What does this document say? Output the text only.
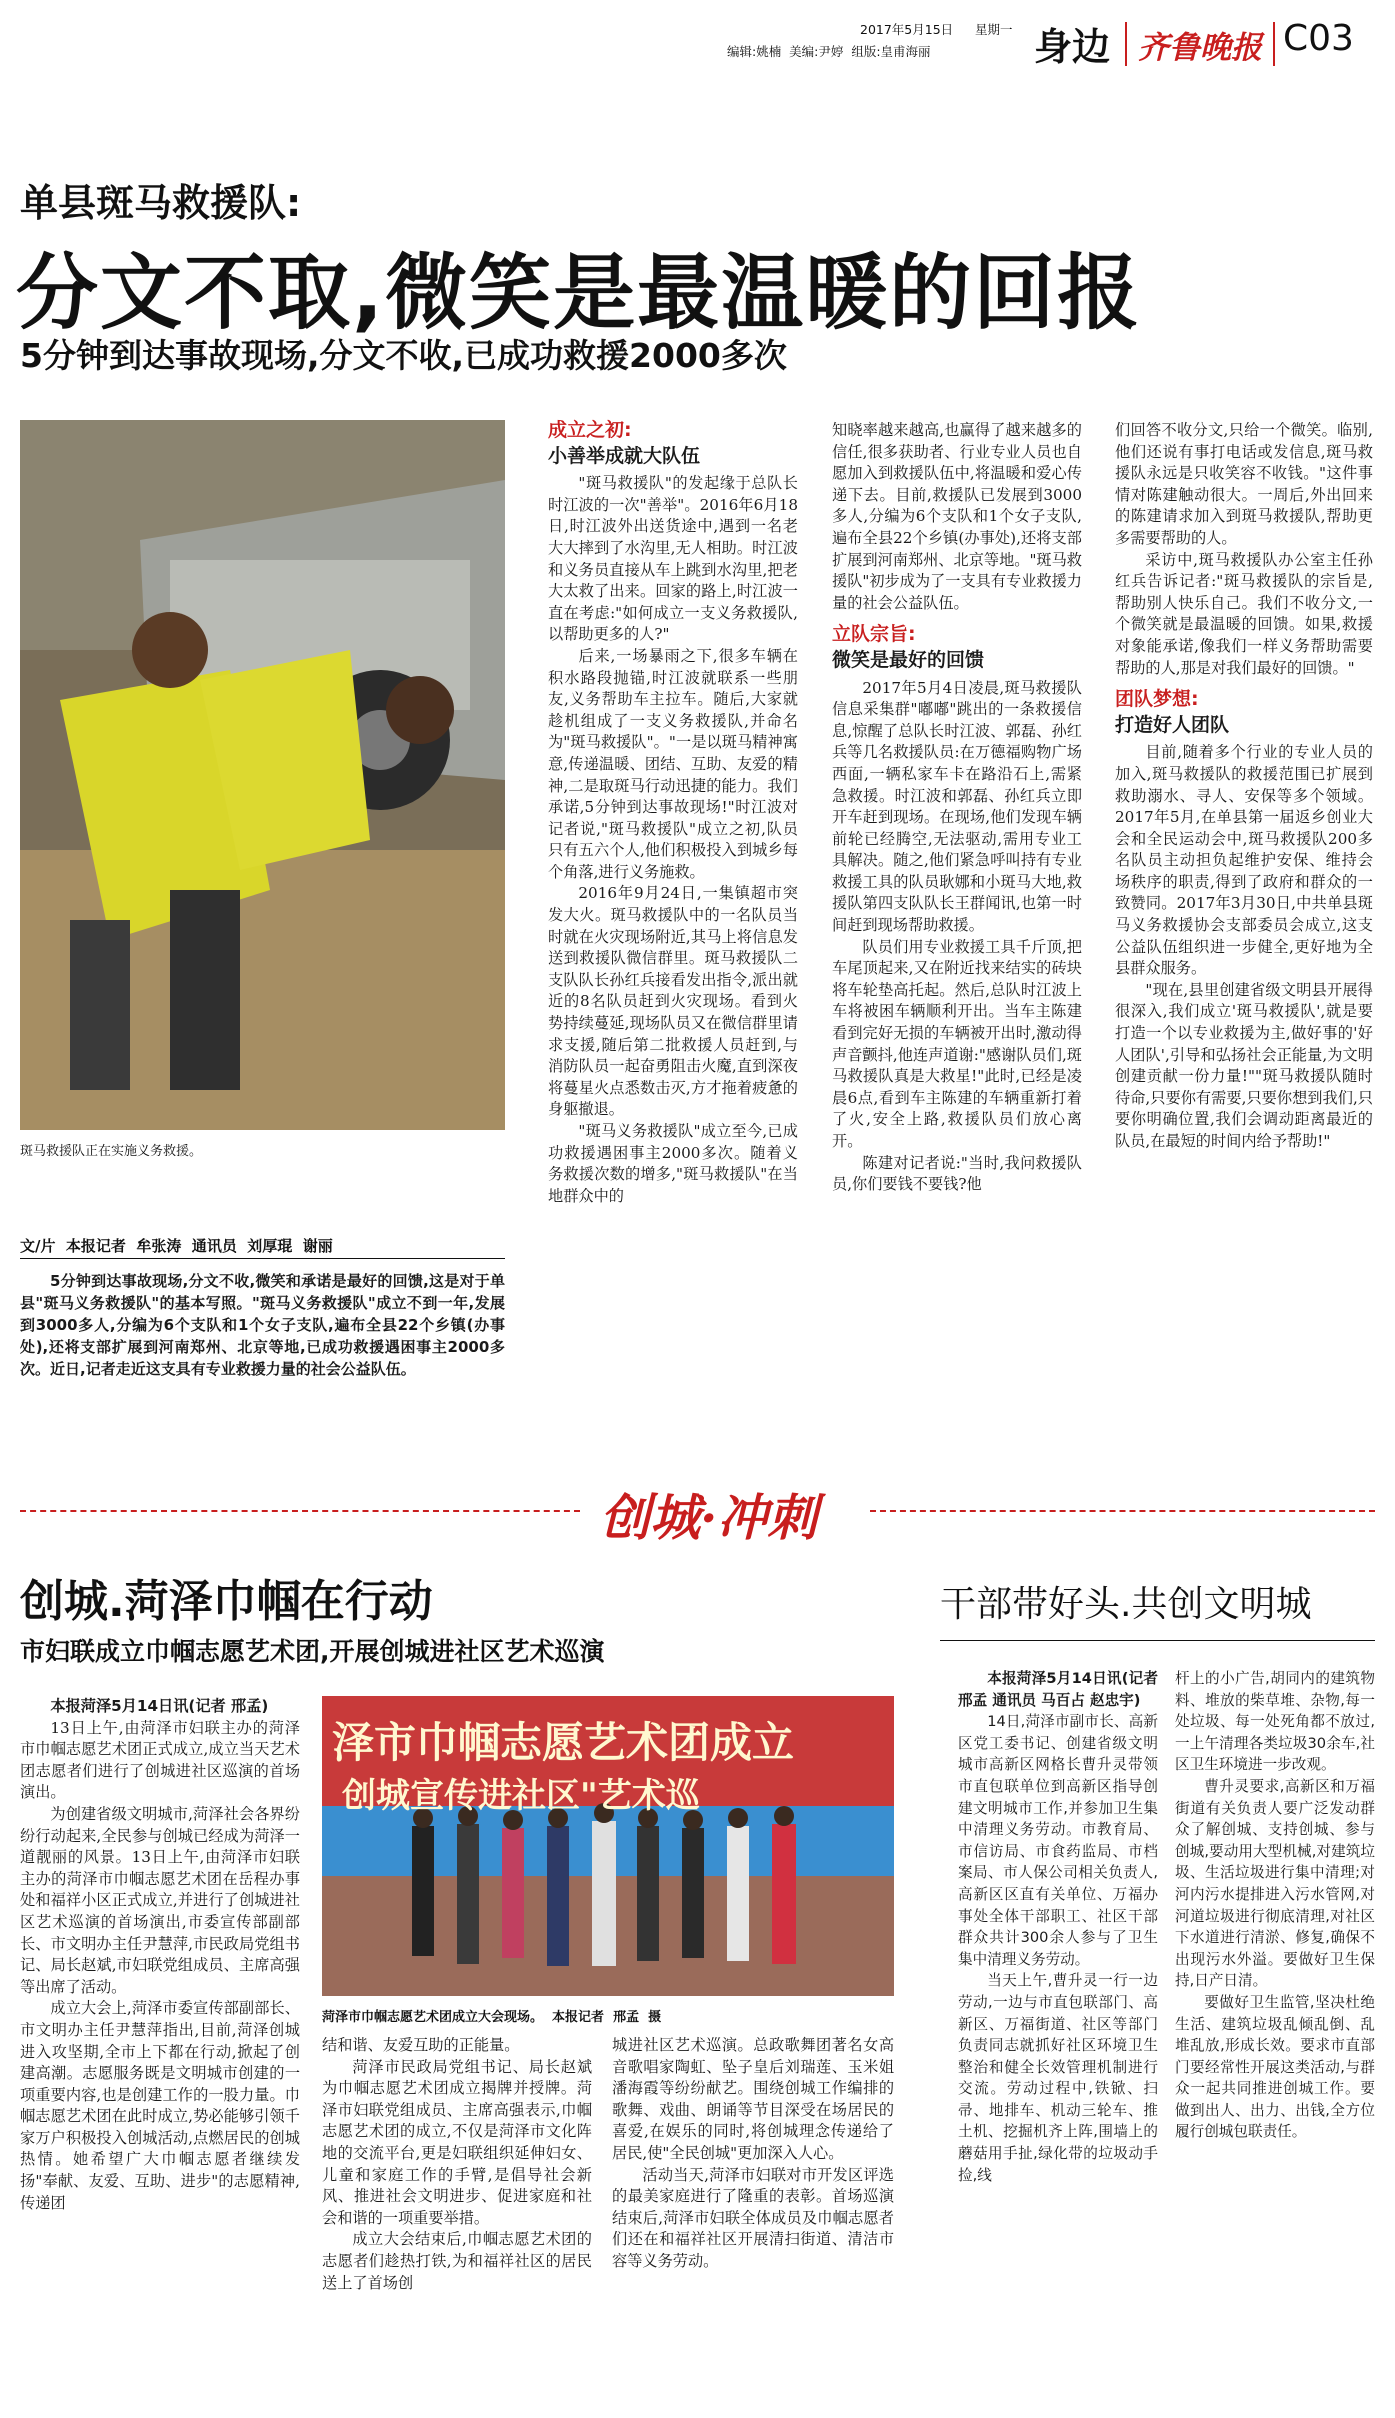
2017年5月15日 星期一
编辑:姚楠  美编:尹婷  组版:皇甫海丽	身边 齐鲁晚报 C03
单县斑马救援队:
分文不取,微笑是最温暖的回报
5分钟到达事故现场,分文不收,已成功救援2000多次
斑马救援队正在实施义务救援。
文/片  本报记者  牟张涛  通讯员  刘厚琨  谢丽

5分钟到达事故现场,分文不收,微笑和承诺是最好的回馈,这是对于单县"斑马义务救援队"的基本写照。"斑马义务救援队"成立不到一年,发展到3000多人,分编为6个支队和1个女子支队,遍布全县22个乡镇(办事处),还将支部扩展到河南郑州、北京等地,已成功救援遇困事主2000多次。近日,记者走近这支具有专业救援力量的社会公益队伍。

成立之初:
小善举成就大队伍

"斑马救援队"的发起缘于总队长时江波的一次"善举"。2016年6月18日,时江波外出送货途中,遇到一名老大大摔到了水沟里,无人相助。时江波和义务员直接从车上跳到水沟里,把老大太救了出来。回家的路上,时江波一直在考虑:"如何成立一支义务救援队,以帮助更多的人?"

后来,一场暴雨之下,很多车辆在积水路段抛锚,时江波就联系一些朋友,义务帮助车主拉车。随后,大家就趁机组成了一支义务救援队,并命名为"斑马救援队"。"一是以斑马精神寓意,传递温暖、团结、互助、友爱的精神,二是取斑马行动迅捷的能力。我们承诺,5分钟到达事故现场!"时江波对记者说,"斑马救援队"成立之初,队员只有五六个人,他们积极投入到城乡每个角落,进行义务施救。

2016年9月24日,一集镇超市突发大火。斑马救援队中的一名队员当时就在火灾现场附近,其马上将信息发送到救援队微信群里。斑马救援队二支队队长孙红兵接看发出指令,派出就近的8名队员赶到火灾现场。看到火势持续蔓延,现场队员又在微信群里请求支援,随后第二批救援人员赶到,与消防队员一起奋勇阻击火魔,直到深夜将蔓星火点悉数击灭,方才拖着疲惫的身躯撤退。

"斑马义务救援队"成立至今,已成功救援遇困事主2000多次。随着义务救援次数的增多,"斑马救援队"在当地群众中的

知晓率越来越高,也赢得了越来越多的信任,很多获助者、行业专业人员也自愿加入到救援队伍中,将温暖和爱心传递下去。目前,救援队已发展到3000多人,分编为6个支队和1个女子支队,遍布全县22个乡镇(办事处),还将支部扩展到河南郑州、北京等地。"斑马救援队"初步成为了一支具有专业救援力量的社会公益队伍。

立队宗旨:
微笑是最好的回馈

2017年5月4日凌晨,斑马救援队信息采集群"嘟嘟"跳出的一条救援信息,惊醒了总队长时江波、郭磊、孙红兵等几名救援队员:在万德福购物广场西面,一辆私家车卡在路沿石上,需紧急救援。时江波和郭磊、孙红兵立即开车赶到现场。在现场,他们发现车辆前轮已经腾空,无法驱动,需用专业工具解决。随之,他们紧急呼叫持有专业救援工具的队员耿娜和小斑马大地,救援队第四支队队长王群闻讯,也第一时间赶到现场帮助救援。

队员们用专业救援工具千斤顶,把车尾顶起来,又在附近找来结实的砖块将车轮垫高托起。然后,总队时江波上车将被困车辆顺利开出。当车主陈建看到完好无损的车辆被开出时,激动得声音颤抖,他连声道谢:"感谢队员们,斑马救援队真是大救星!"此时,已经是凌晨6点,看到车主陈建的车辆重新打着了火,安全上路,救援队员们放心离开。

陈建对记者说:"当时,我问救援队员,你们要钱不要钱?他

们回答不收分文,只给一个微笑。临别,他们还说有事打电话或发信息,斑马救援队永远是只收笑容不收钱。"这件事情对陈建触动很大。一周后,外出回来的陈建请求加入到斑马救援队,帮助更多需要帮助的人。

采访中,斑马救援队办公室主任孙红兵告诉记者:"斑马救援队的宗旨是,帮助别人快乐自己。我们不收分文,一个微笑就是最温暖的回馈。如果,救援对象能承诺,像我们一样义务帮助需要帮助的人,那是对我们最好的回馈。"

团队梦想:
打造好人团队

目前,随着多个行业的专业人员的加入,斑马救援队的救援范围已扩展到救助溺水、寻人、安保等多个领域。2017年5月,在单县第一届返乡创业大会和全民运动会中,斑马救援队200多名队员主动担负起维护安保、维持会场秩序的职责,得到了政府和群众的一致赞同。2017年3月30日,中共单县斑马义务救援协会支部委员会成立,这支公益队伍组织进一步健全,更好地为全县群众服务。

"现在,县里创建省级文明县开展得很深入,我们成立'斑马救援队',就是要打造一个以专业救援为主,做好事的'好人团队',引导和弘扬社会正能量,为文明创建贡献一份力量!""斑马救援队随时待命,只要你有需要,只要你想到我们,只要你明确位置,我们会调动距离最近的队员,在最短的时间内给予帮助!"

创城·冲刺
创城.菏泽巾帼在行动
市妇联成立巾帼志愿艺术团,开展创城进社区艺术巡演
泽市巾帼志愿艺术团成立
创城宣传进社区"艺术巡
菏泽市巾帼志愿艺术团成立大会现场。  本报记者  邢孟  摄

本报菏泽5月14日讯(记者 邢孟)

13日上午,由菏泽市妇联主办的菏泽市巾帼志愿艺术团正式成立,成立当天艺术团志愿者们进行了创城进社区巡演的首场演出。

为创建省级文明城市,菏泽社会各界纷纷行动起来,全民参与创城已经成为菏泽一道靓丽的风景。13日上午,由菏泽市妇联主办的菏泽市巾帼志愿艺术团在岳程办事处和福祥小区正式成立,并进行了创城进社区艺术巡演的首场演出,市委宣传部副部长、市文明办主任尹慧萍,市民政局党组书记、局长赵斌,市妇联党组成员、主席高强等出席了活动。

成立大会上,菏泽市委宣传部副部长、市文明办主任尹慧萍指出,目前,菏泽创城进入攻坚期,全市上下都在行动,掀起了创建高潮。志愿服务既是文明城市创建的一项重要内容,也是创建工作的一股力量。巾帼志愿艺术团在此时成立,势必能够引领千家万户积极投入创城活动,点燃居民的创城热情。她希望广大巾帼志愿者继续发扬"奉献、友爱、互助、进步"的志愿精神,传递团

结和谐、友爱互助的正能量。

菏泽市民政局党组书记、局长赵斌为巾帼志愿艺术团成立揭牌并授牌。菏泽市妇联党组成员、主席高强表示,巾帼志愿艺术团的成立,不仅是菏泽市文化阵地的交流平台,更是妇联组织延伸妇女、儿童和家庭工作的手臂,是倡导社会新风、推进社会文明进步、促进家庭和社会和谐的一项重要举措。

成立大会结束后,巾帼志愿艺术团的志愿者们趁热打铁,为和福祥社区的居民送上了首场创

城进社区艺术巡演。总政歌舞团著名女高音歌唱家陶虹、坠子皇后刘瑞莲、玉米姐潘海霞等纷纷献艺。围绕创城工作编排的歌舞、戏曲、朗诵等节目深受在场居民的喜爱,在娱乐的同时,将创城理念传递给了居民,使"全民创城"更加深入人心。

活动当天,菏泽市妇联对市开发区评选的最美家庭进行了隆重的表彰。首场巡演结束后,菏泽市妇联全体成员及巾帼志愿者们还在和福祥社区开展清扫街道、清洁市容等义务劳动。

干部带好头.共创文明城

本报菏泽5月14日讯(记者 邢孟 通讯员 马百占 赵忠宇)

14日,菏泽市副市长、高新区党工委书记、创建省级文明城市高新区网格长曹升灵带领市直包联单位到高新区指导创建文明城市工作,并参加卫生集中清理义务劳动。市教育局、市信访局、市食药监局、市档案局、市人保公司相关负责人,高新区区直有关单位、万福办事处全体干部职工、社区干部群众共计300余人参与了卫生集中清理义务劳动。

当天上午,曹升灵一行一边劳动,一边与市直包联部门、高新区、万福街道、社区等部门负责同志就抓好社区环境卫生整治和健全长效管理机制进行交流。劳动过程中,铁锨、扫帚、地排车、机动三轮车、推土机、挖掘机齐上阵,围墙上的蘑菇用手扯,绿化带的垃圾动手捡,线

杆上的小广告,胡同内的建筑物料、堆放的柴草堆、杂物,每一处垃圾、每一处死角都不放过,一上午清理各类垃圾30余车,社区卫生环境进一步改观。

曹升灵要求,高新区和万福街道有关负责人要广泛发动群众了解创城、支持创城、参与创城,要动用大型机械,对建筑垃圾、生活垃圾进行集中清理;对河内污水提排进入污水管网,对河道垃圾进行彻底清理,对社区下水道进行清淤、修复,确保不出现污水外溢。要做好卫生保持,日产日清。

要做好卫生监管,坚决杜绝生活、建筑垃圾乱倾乱倒、乱堆乱放,形成长效。要求市直部门要经常性开展这类活动,与群众一起共同推进创城工作。要做到出人、出力、出钱,全方位履行创城包联责任。
